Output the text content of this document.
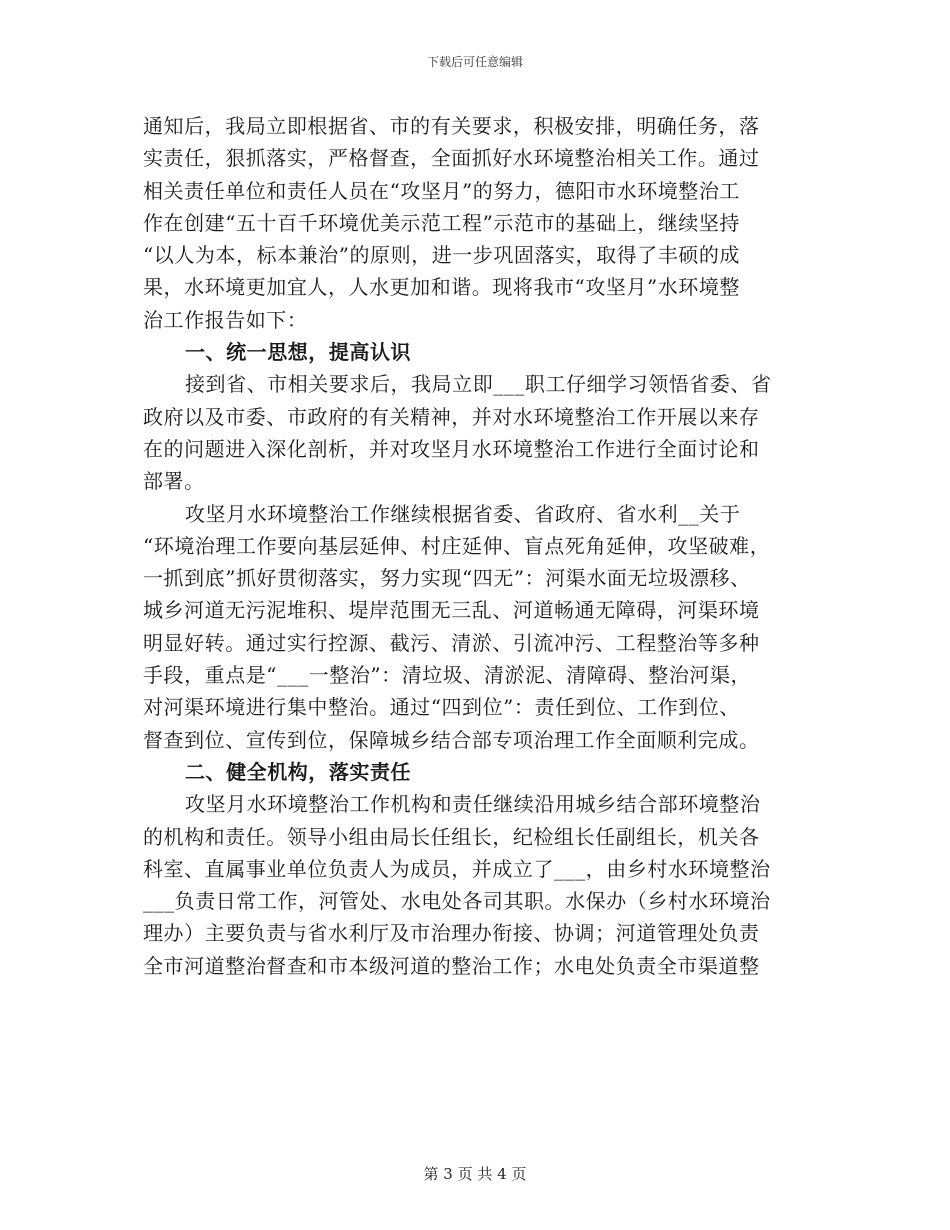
下载后可任意编辑
通知后，我局立即根据省、市的有关要求，积极安排，明确任务，落
实责任，狠抓落实，严格督查，全面抓好水环境整治相关工作。通过
相关责任单位和责任人员在“攻坚月”的努力，德阳市水环境整治工
作在创建“五十百千环境优美示范工程”示范市的基础上，继续坚持
“以人为本，标本兼治”的原则，进一步巩固落实，取得了丰硕的成
果，水环境更加宜人，人水更加和谐。现将我市“攻坚月”水环境整
治工作报告如下：
一、统一思想，提高认识
接到省、市相关要求后，我局立即___职工仔细学习领悟省委、省
政府以及市委、市政府的有关精神，并对水环境整治工作开展以来存
在的问题进入深化剖析，并对攻坚月水环境整治工作进行全面讨论和
部署。
攻坚月水环境整治工作继续根据省委、省政府、省水利__关于
“环境治理工作要向基层延伸、村庄延伸、盲点死角延伸，攻坚破难，
一抓到底”抓好贯彻落实，努力实现“四无”：河渠水面无垃圾漂移、
城乡河道无污泥堆积、堤岸范围无三乱、河道畅通无障碍，河渠环境
明显好转。通过实行控源、截污、清淤、引流冲污、工程整治等多种
手段，重点是“___一整治”：清垃圾、清淤泥、清障碍、整治河渠，
对河渠环境进行集中整治。通过“四到位”：责任到位、工作到位、
督查到位、宣传到位，保障城乡结合部专项治理工作全面顺利完成。
二、健全机构，落实责任
攻坚月水环境整治工作机构和责任继续沿用城乡结合部环境整治
的机构和责任。领导小组由局长任组长，纪检组长任副组长，机关各
科室、直属事业单位负责人为成员，并成立了___，由乡村水环境整治
___负责日常工作，河管处、水电处各司其职。水保办（乡村水环境治
理办）主要负责与省水利厅及市治理办衔接、协调；河道管理处负责
全市河道整治督查和市本级河道的整治工作；水电处负责全市渠道整
第 3 页 共 4 页
